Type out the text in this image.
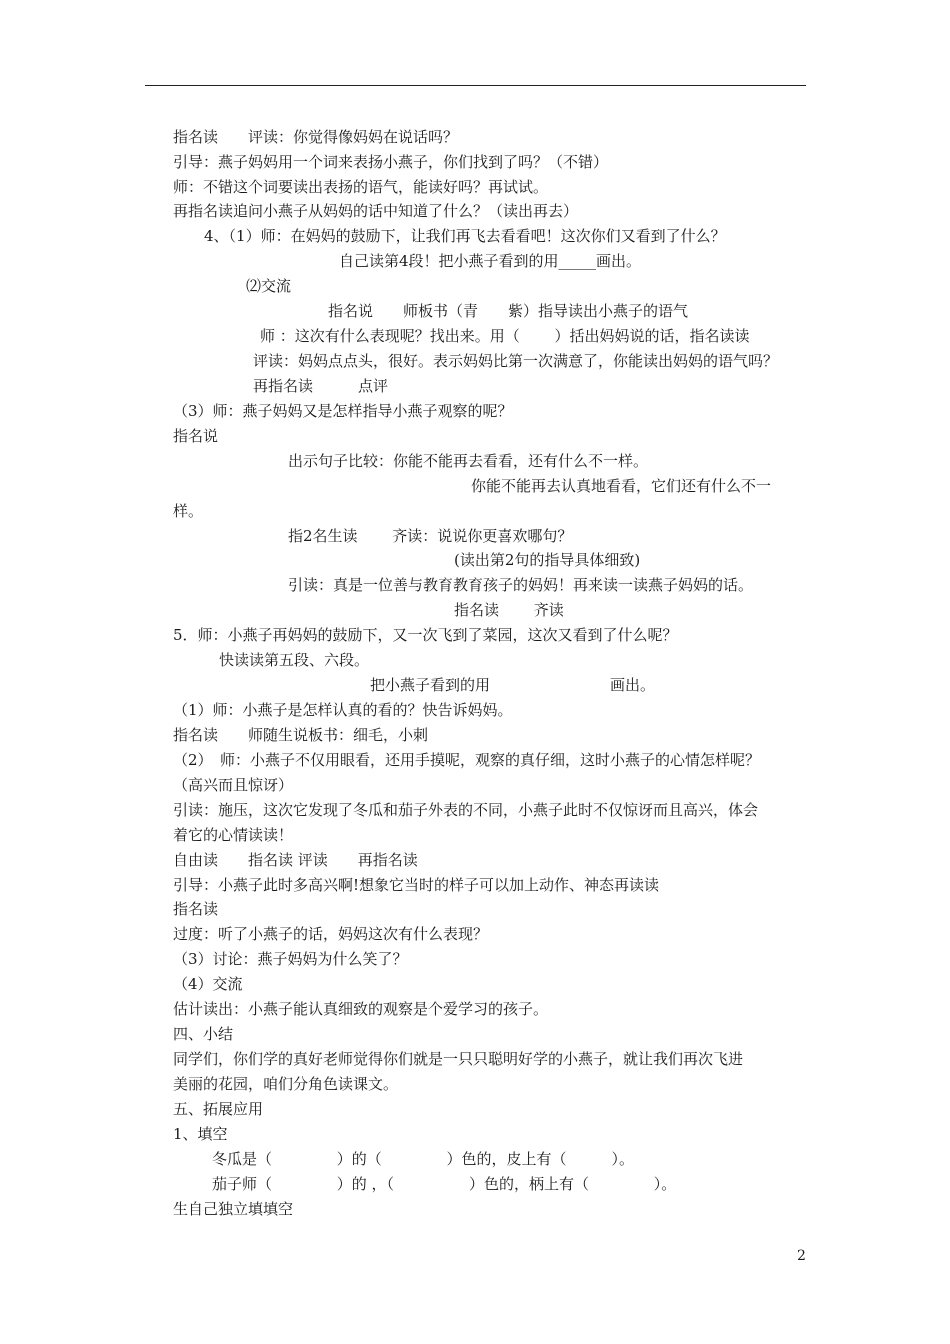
指名读　　评读：你觉得像妈妈在说话吗？
引导：燕子妈妈用一个词来表扬小燕子，你们找到了吗？（不错）
师：不错这个词要读出表扬的语气，能读好吗？再试试。
再指名读追问小燕子从妈妈的话中知道了什么？（读出再去）
4、（1）师：在妈妈的鼓励下，让我们再飞去看看吧！这次你们又看到了什么？
自己读第4段！把小燕子看到的用_____画出。
⑵交流
指名说　　师板书（青　　紫）指导读出小燕子的语气
师 ：这次有什么表现呢？找出来。用（　　 ）括出妈妈说的话，指名读读
评读：妈妈点点头，很好。表示妈妈比第一次满意了，你能读出妈妈的语气吗？
再指名读　　　点评
（3）师：燕子妈妈又是怎样指导小燕子观察的呢？
指名说
出示句子比较：你能不能再去看看，还有什么不一样。
你能不能再去认真地看看，它们还有什么不一
样。
指2名生读　　 齐读：说说你更喜欢哪句？
(读出第2句的指导具体细致)
引读：真是一位善与教育教育孩子的妈妈！再来读一读燕子妈妈的话。
指名读　　 齐读
5．师：小燕子再妈妈的鼓励下，又一次飞到了菜园，这次又看到了什么呢？
快读读第五段、六段。
把小燕子看到的用　　　　　　　　画出。
（1）师：小燕子是怎样认真的看的？快告诉妈妈。
指名读　　师随生说板书：细毛，小刺
（2）　师：小燕子不仅用眼看，还用手摸呢，观察的真仔细，这时小燕子的心情怎样呢？
（高兴而且惊讶）
引读：施压，这次它发现了冬瓜和茄子外表的不同，小燕子此时不仅惊讶而且高兴，体会
着它的心情读读！
自由读　　指名读 评读　　再指名读
引导：小燕子此时多高兴啊!想象它当时的样子可以加上动作、神态再读读
指名读
过度：听了小燕子的话，妈妈这次有什么表现？
（3）讨论：燕子妈妈为什么笑了？
（4）交流
估计读出：小燕子能认真细致的观察是个爱学习的孩子。
四、小结
同学们，你们学的真好老师觉得你们就是一只只聪明好学的小燕子，就让我们再次飞进
美丽的花园，咱们分角色读课文。
五、拓展应用
1、填空
冬瓜是（　　　　 ）的（　　　　 ）色的，皮上有（　　　）。
茄子师（　　　　 ）的 ，（　　　　　）色的，柄上有（　　　　 ）。
生自己独立填填空
2
